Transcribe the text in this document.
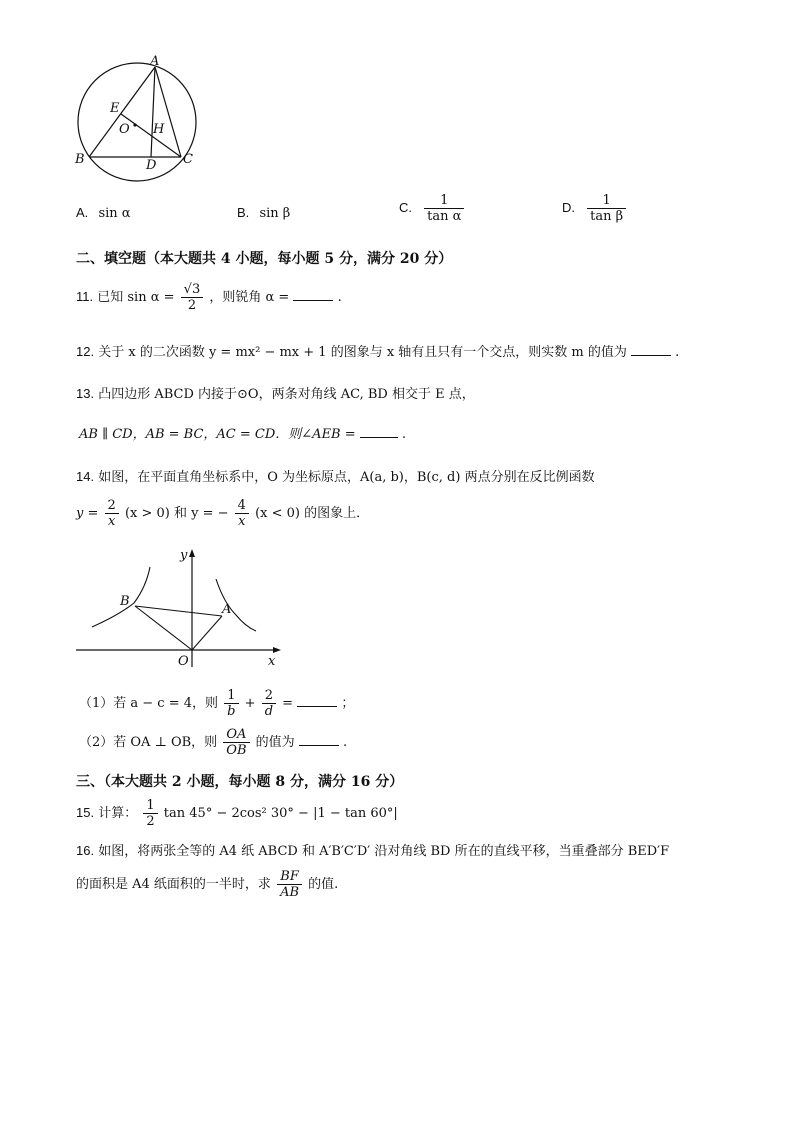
A
E
O H
B	D C
A. sin α	B. sin β	C. $\frac{1}{\text{tan α}}$	D. $\frac{1}{\text{tan β}}$
二、填空题（本大题共 4 小题，每小题 5 分，满分 20 分）
11. 已知 $\sin \alpha = \frac{√3}{2}$ ，则锐角 α =	.
12. 关于 x 的二次函数 y = mx² − mx + 1 的图象与 x 轴有且只有一个交点，则实数 m 的值为	.
13. 凸四边形 ABCD 内接于⊙O，两条对角线 AC, BD 相交于 E 点，
AB ∥ CD，AB = BC，AC = CD．则∠AEB =	.
14. 如图，在平面直角坐标系中，O 为坐标原点，A(a, b)，B(c, d) 两点分别在反比例函数
$y = \frac{2}{x} (x > 0)$ 和 y = − $\frac{4}{x} (x < 0)$ 的图象上．
y
B
A
O	x
（1）若 a − c = 4，则 $\frac{1}{b} + \frac{2}{d}$ =	；
（2）若 OA ⊥ OB，则 $\frac{OA}{OB}$ 的值为	.
三、（本大题共 2 小题，每小题 8 分，满分 16 分）
15. 计算： $\frac{1}{2}$ tan 45° − 2cos² 30° − |1 − tan 60°|
16. 如图，将两张全等的 A4 纸 ABCD 和 A′B′C′D′ 沿对角线 BD 所在的直线平移，当重叠部分 BED′F
的面积是 A4 纸面积的一半时，求 $\frac{BF}{AB}$ 的值.
